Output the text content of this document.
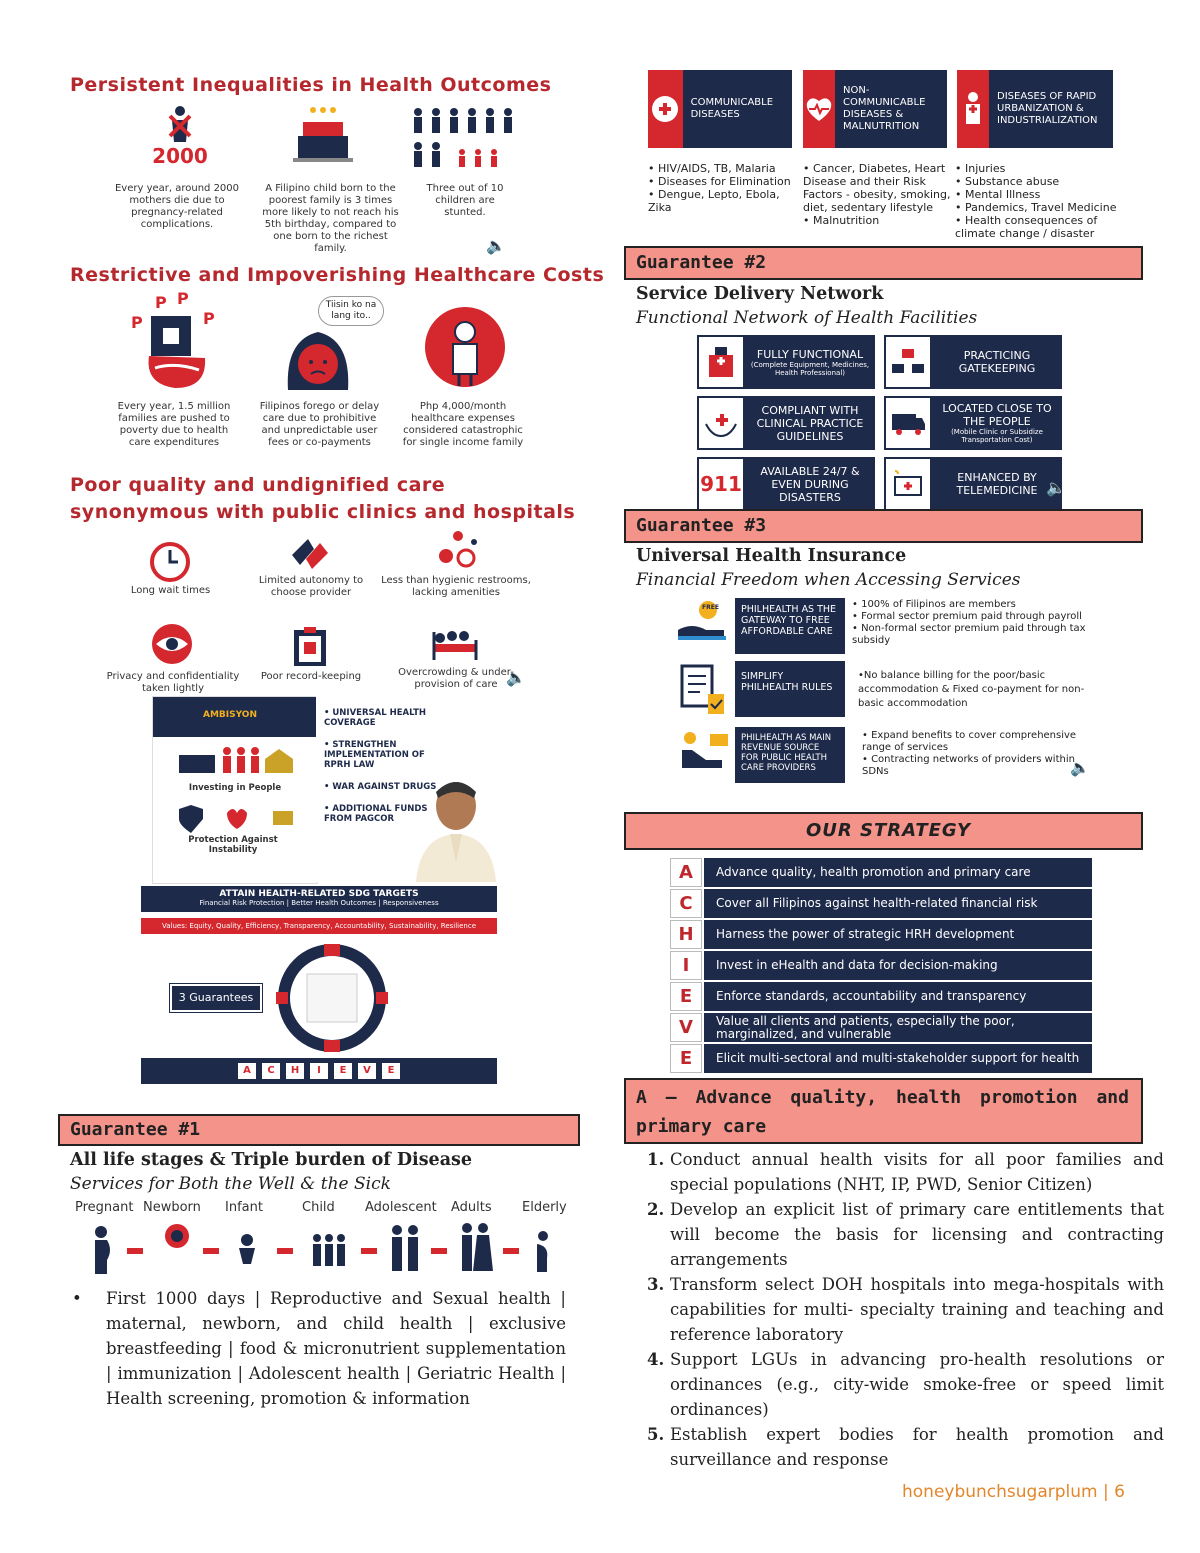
Persistent Inequalities in Health Outcomes
2000
Every year, around 2000 mothers die due to pregnancy-related complications.
A Filipino child born to the poorest family is 3 times more likely to not reach his 5th birthday, compared to one born to the richest family.
Three out of 10 children are stunted.
🔈
Restrictive and Impoverishing Healthcare Costs
P P
P	P
Every year, 1.5 million families are pushed to poverty due to health care expenditures
Tiisin ko na lang ito..
Filipinos forego or delay care due to prohibitive and unpredictable user fees or co-payments
Php 4,000/month healthcare expenses considered catastrophic for single income family
Poor quality and undignified care synonymous with public clinics and hospitals
Long wait times
Limited autonomy to choose provider
Less than hygienic restrooms, lacking amenities
Privacy and confidentiality taken lightly
Poor record-keeping	Overcrowding & under-provision of care 🔈
AMBISYON
Investing in People
Protection Against Instability
• UNIVERSAL HEALTH COVERAGE
• STRENGTHEN IMPLEMENTATION OF RPRH LAW
• WAR AGAINST DRUGS
• ADDITIONAL FUNDS FROM PAGCOR
ATTAIN HEALTH-RELATED SDG TARGETS
Financial Risk Protection | Better Health Outcomes | Responsiveness
Values: Equity, Quality, Efficiency, Transparency, Accountability, Sustainability, Resilience
3 Guarantees
A	C	H	I	E	V	E
Guarantee #1
All life stages & Triple burden of Disease
Services for Both the Well & the Sick
Pregnant Newborn Infant	Child Adolescent Adults Elderly
• First 1000 days | Reproductive and Sexual health | maternal, newborn, and child health | exclusive breastfeeding | food & micronutrient supplementation | immunization | Adolescent health | Geriatric Health | Health screening, promotion & information
COMMUNICABLE DISEASES
NON-COMMUNICABLE DISEASES & MALNUTRITION
DISEASES OF RAPID URBANIZATION & INDUSTRIALIZATION
• HIV/AIDS, TB, Malaria
• Diseases for Elimination
• Dengue, Lepto, Ebola, Zika
• Cancer, Diabetes, Heart Disease and their Risk Factors - obesity, smoking, diet, sedentary lifestyle
• Malnutrition
• Injuries
• Substance abuse
• Mental Illness
• Pandemics, Travel Medicine
• Health consequences of climate change / disaster
Guarantee #2
Service Delivery Network
Functional Network of Health Facilities
FULLY FUNCTIONAL
(Complete Equipment, Medicines, Health Professional)
PRACTICING GATEKEEPING
COMPLIANT WITH CLINICAL PRACTICE GUIDELINES
LOCATED CLOSE TO THE PEOPLE
(Mobile Clinic or Subsidize Transportation Cost)
911
AVAILABLE 24/7 & EVEN DURING DISASTERS
ENHANCED BY TELEMEDICINE 🔈
Guarantee #3
Universal Health Insurance
Financial Freedom when Accessing Services
FREE	PHILHEALTH AS THE GATEWAY TO FREE AFFORDABLE CARE
• 100% of Filipinos are members
• Formal sector premium paid through payroll
• Non-formal sector premium paid through tax subsidy
SIMPLIFY PHILHEALTH RULES
•No balance billing for the poor/basic accommodation & Fixed co-payment for non-basic accommodation
PHILHEALTH AS MAIN REVENUE SOURCE FOR PUBLIC HEALTH CARE PROVIDERS
• Expand benefits to cover comprehensive range of services
• Contracting networks of providers within SDNs	🔈
OUR STRATEGY
A	Advance quality, health promotion and primary care
C	Cover all Filipinos against health-related financial risk
H	Harness the power of strategic HRH development
I	Invest in eHealth and data for decision-making
E	Enforce standards, accountability and transparency
V	Value all clients and patients, especially the poor, marginalized, and vulnerable
E	Elicit multi-sectoral and multi-stakeholder support for health
A – Advance quality, health promotion and primary care
1. Conduct annual health visits for all poor families and special populations (NHT, IP, PWD, Senior Citizen)
2. Develop an explicit list of primary care entitlements that will become the basis for licensing and contracting arrangements
3. Transform select DOH hospitals into mega-hospitals with capabilities for multi- specialty training and teaching and reference laboratory
4. Support LGUs in advancing pro-health resolutions or ordinances (e.g., city-wide smoke-free or speed limit ordinances)
5. Establish expert bodies for health promotion and surveillance and response
honeybunchsugarplum | 6
